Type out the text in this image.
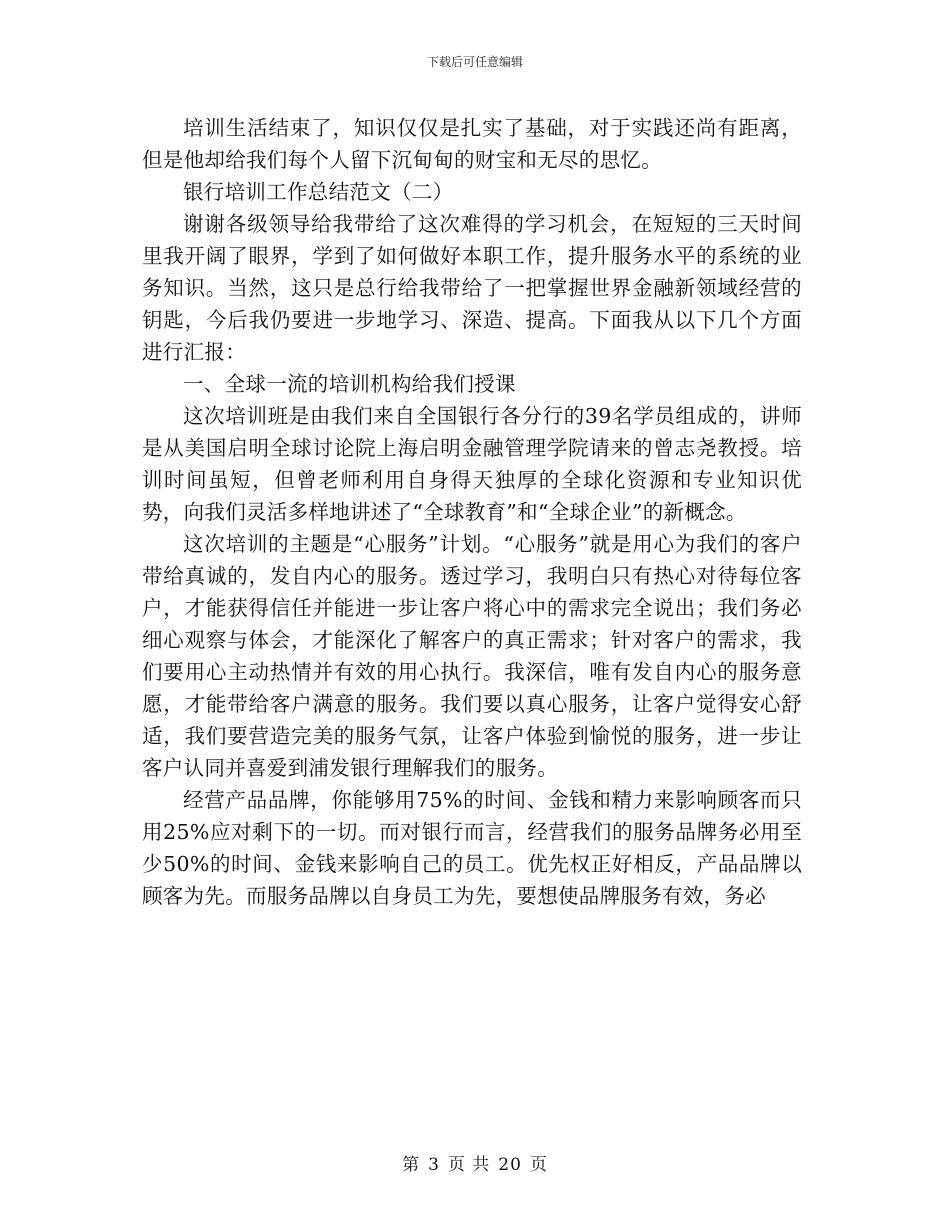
下载后可任意编辑

培训生活结束了，知识仅仅是扎实了基础，对于实践还尚有距离，但是他却给我们每个人留下沉甸甸的财宝和无尽的思忆。

银行培训工作总结范文（二）

谢谢各级领导给我带给了这次难得的学习机会，在短短的三天时间里我开阔了眼界，学到了如何做好本职工作，提升服务水平的系统的业务知识。当然，这只是总行给我带给了一把掌握世界金融新领域经营的钥匙，今后我仍要进一步地学习、深造、提高。下面我从以下几个方面进行汇报：

一、全球一流的培训机构给我们授课

这次培训班是由我们来自全国银行各分行的39名学员组成的，讲师是从美国启明全球讨论院上海启明金融管理学院请来的曾志尧教授。培训时间虽短，但曾老师利用自身得天独厚的全球化资源和专业知识优势，向我们灵活多样地讲述了“全球教育”和“全球企业”的新概念。

这次培训的主题是“心服务”计划。“心服务”就是用心为我们的客户带给真诚的，发自内心的服务。透过学习，我明白只有热心对待每位客户，才能获得信任并能进一步让客户将心中的需求完全说出；我们务必细心观察与体会，才能深化了解客户的真正需求；针对客户的需求，我们要用心主动热情并有效的用心执行。我深信，唯有发自内心的服务意愿，才能带给客户满意的服务。我们要以真心服务，让客户觉得安心舒适，我们要营造完美的服务气氛，让客户体验到愉悦的服务，进一步让客户认同并喜爱到浦发银行理解我们的服务。

经营产品品牌，你能够用75%的时间、金钱和精力来影响顾客而只用25%应对剩下的一切。而对银行而言，经营我们的服务品牌务必用至少50%的时间、金钱来影响自己的员工。优先权正好相反，产品品牌以顾客为先。而服务品牌以自身员工为先，要想使品牌服务有效，务必

第 3 页 共 20 页
